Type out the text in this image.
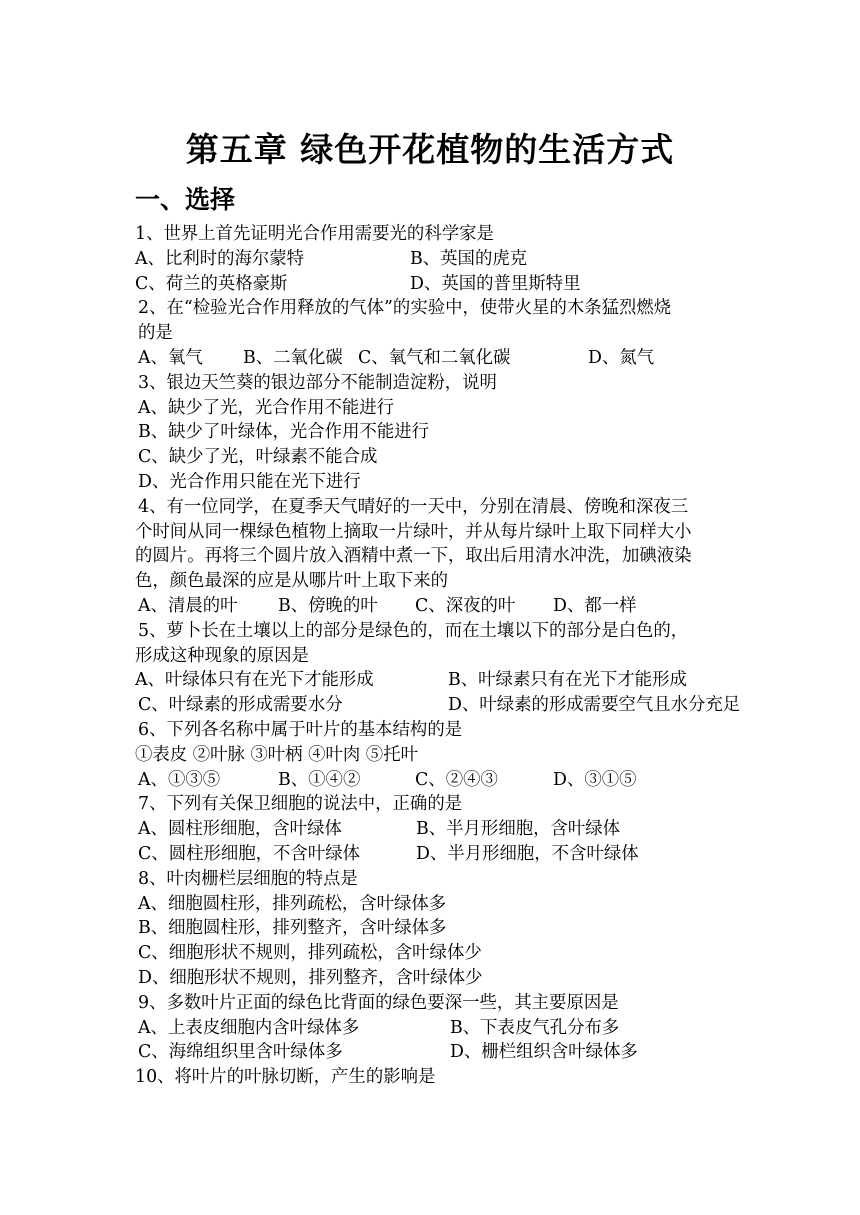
第五章 绿色开花植物的生活方式
一、选择
1、世界上首先证明光合作用需要光的科学家是
A、比利时的海尔蒙特	B、英国的虎克
C、荷兰的英格豪斯	D、英国的普里斯特里
2、在“检验光合作用释放的气体”的实验中，使带火星的木条猛烈燃烧
的是
A、氧气 B、二氧化碳 C、氧气和二氧化碳	D、氮气
3、银边天竺葵的银边部分不能制造淀粉，说明
A、缺少了光，光合作用不能进行
B、缺少了叶绿体，光合作用不能进行
C、缺少了光，叶绿素不能合成
D、光合作用只能在光下进行
4、有一位同学，在夏季天气晴好的一天中，分别在清晨、傍晚和深夜三
个时间从同一棵绿色植物上摘取一片绿叶，并从每片绿叶上取下同样大小
的圆片。再将三个圆片放入酒精中煮一下，取出后用清水冲洗，加碘液染
色，颜色最深的应是从哪片叶上取下来的
A、清晨的叶 B、傍晚的叶 C、深夜的叶 D、都一样
5、萝卜长在土壤以上的部分是绿色的，而在土壤以下的部分是白色的，
形成这种现象的原因是
A、叶绿体只有在光下才能形成	B、叶绿素只有在光下才能形成
C、叶绿素的形成需要水分	D、叶绿素的形成需要空气且水分充足
6、下列各名称中属于叶片的基本结构的是
①表皮 ②叶脉 ③叶柄 ④叶肉 ⑤托叶
A、①③⑤	B、①④②	C、②④③	D、③①⑤
7、下列有关保卫细胞的说法中，正确的是
A、圆柱形细胞，含叶绿体	B、半月形细胞，含叶绿体
C、圆柱形细胞，不含叶绿体	D、半月形细胞，不含叶绿体
8、叶肉栅栏层细胞的特点是
A、细胞圆柱形，排列疏松，含叶绿体多
B、细胞圆柱形，排列整齐，含叶绿体多
C、细胞形状不规则，排列疏松，含叶绿体少
D、细胞形状不规则，排列整齐，含叶绿体少
9、多数叶片正面的绿色比背面的绿色要深一些，其主要原因是
A、上表皮细胞内含叶绿体多	B、下表皮气孔分布多
C、海绵组织里含叶绿体多	D、栅栏组织含叶绿体多
10、将叶片的叶脉切断，产生的影响是
